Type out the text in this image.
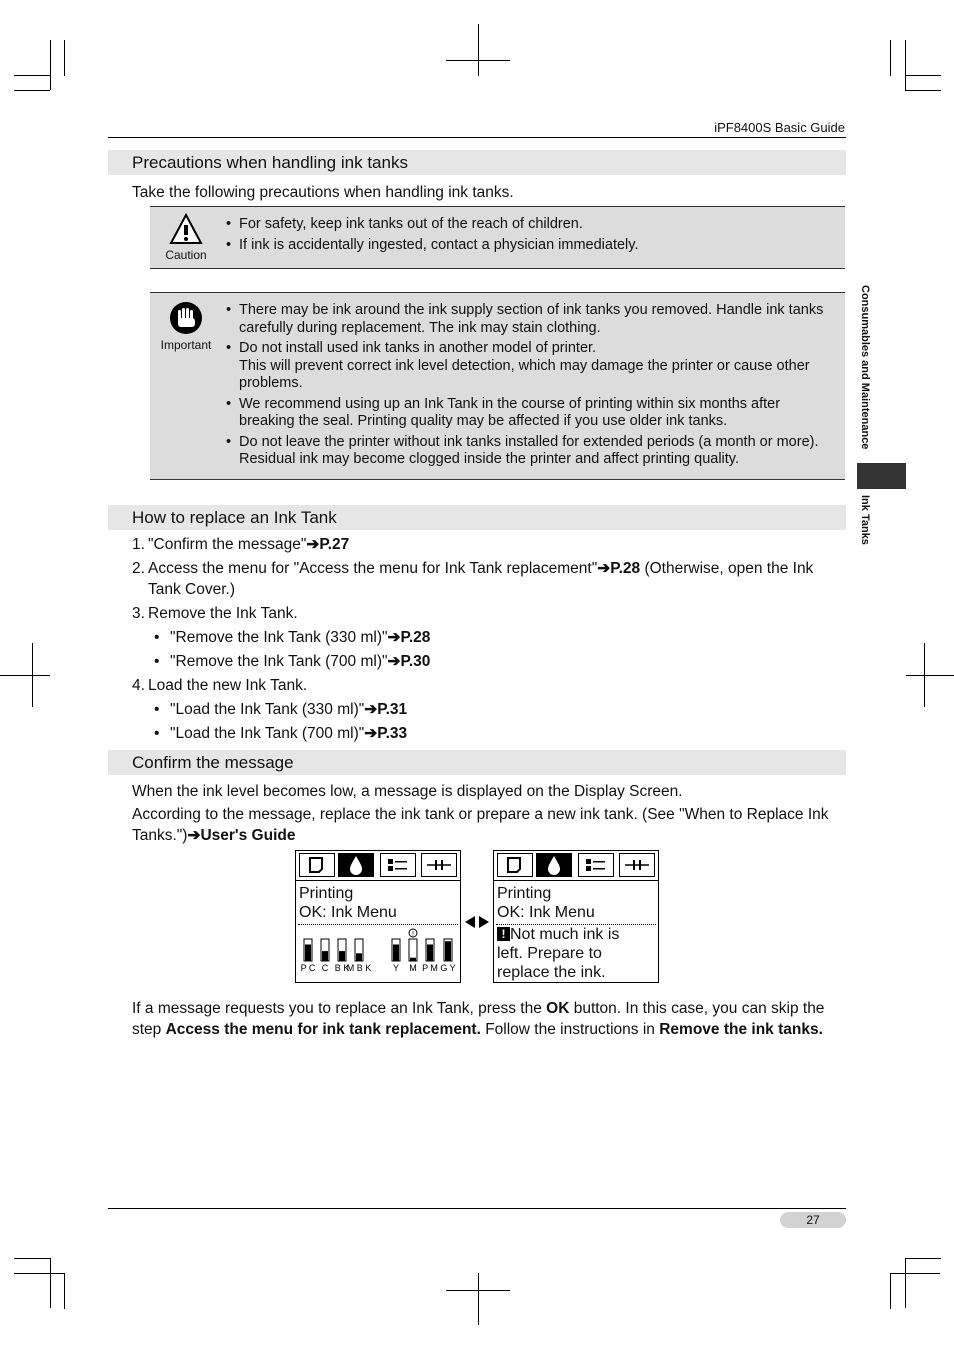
iPF8400S Basic Guide
Consumables and Maintenance
Ink Tanks
Precautions when handling ink tanks
Take the following precautions when handling ink tanks.
Caution
• For safety, keep ink tanks out of the reach of children.
• If ink is accidentally ingested, contact a physician immediately.
Important
• There may be ink around the ink supply section of ink tanks you removed. Handle ink tanks carefully during replacement. The ink may stain clothing.
• Do not install used ink tanks in another model of printer.
This will prevent correct ink level detection, which may damage the printer or cause other problems.
• We recommend using up an Ink Tank in the course of printing within six months after breaking the seal. Printing quality may be affected if you use older ink tanks.
• Do not leave the printer without ink tanks installed for extended periods (a month or more). Residual ink may become clogged inside the printer and affect printing quality.
How to replace an Ink Tank
1. "Confirm the message"➔P.27
2. Access the menu for "Access the menu for Ink Tank replacement"➔P.28 (Otherwise, open the Ink Tank Cover.)
3. Remove the Ink Tank.
• "Remove the Ink Tank (330 ml)"➔P.28
• "Remove the Ink Tank (700 ml)"➔P.30
4. Load the new Ink Tank.
• "Load the Ink Tank (330 ml)"➔P.31
• "Load the Ink Tank (700 ml)"➔P.33
Confirm the message
When the ink level becomes low, a message is displayed on the Display Screen.
According to the message, replace the ink tank or prepare a new ink tank. (See "When to Replace Ink Tanks.")➔User's Guide
Printing
OK: Ink Menu
P C C B K
M B K Y M P M G Y
!
Printing
OK: Ink Menu
! Not much ink is
left. Prepare to
replace the ink.
If a message requests you to replace an Ink Tank, press the OK button. In this case, you can skip the step Access the menu for ink tank replacement. Follow the instructions in Remove the ink tanks.
27
